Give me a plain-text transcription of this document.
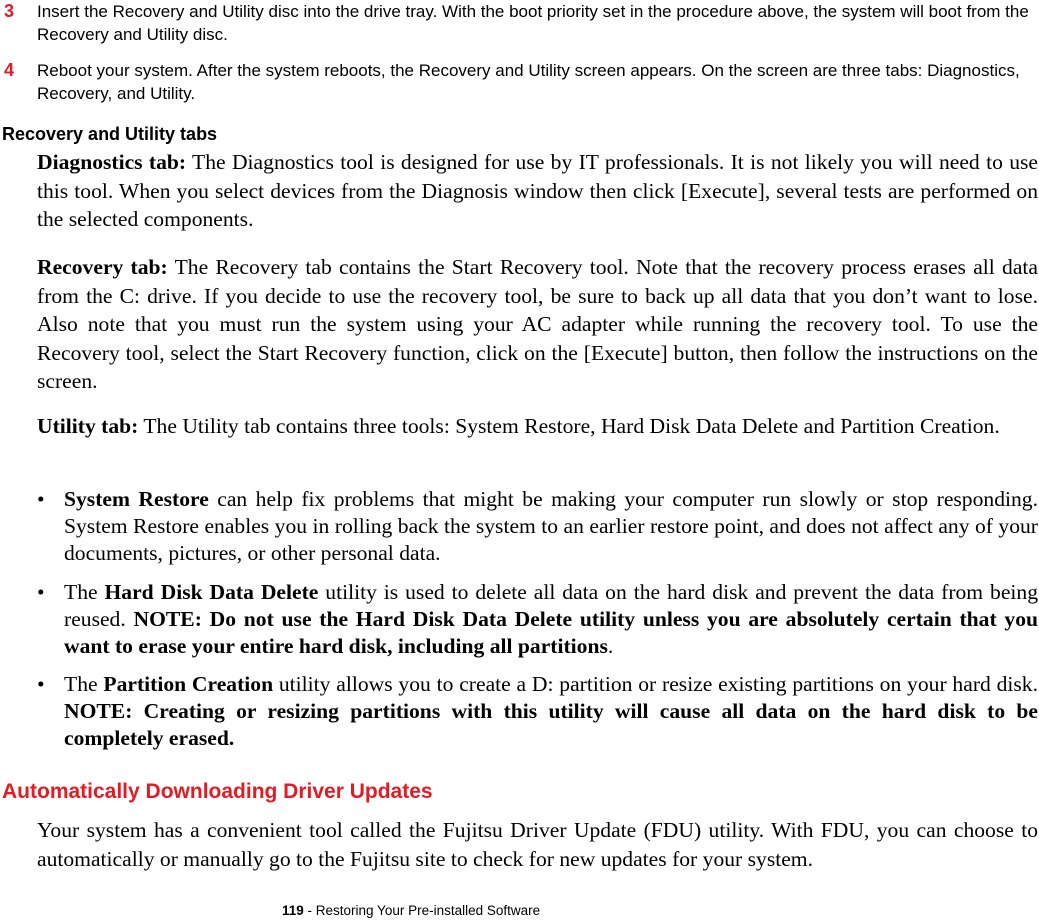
3 Insert the Recovery and Utility disc into the drive tray. With the boot priority set in the procedure above, the system will boot from the Recovery and Utility disc.
4 Reboot your system. After the system reboots, the Recovery and Utility screen appears. On the screen are three tabs: Diagnostics, Recovery, and Utility.
Recovery and Utility tabs
Diagnostics tab: The Diagnostics tool is designed for use by IT professionals. It is not likely you will need to use this tool. When you select devices from the Diagnosis window then click [Execute], several tests are performed on the selected components.
Recovery tab: The Recovery tab contains the Start Recovery tool. Note that the recovery process erases all data from the C: drive. If you decide to use the recovery tool, be sure to back up all data that you don’t want to lose. Also note that you must run the system using your AC adapter while running the recovery tool. To use the Recovery tool, select the Start Recovery function, click on the [Execute] button, then follow the instructions on the screen.
Utility tab: The Utility tab contains three tools: System Restore, Hard Disk Data Delete and Partition Creation.
• System Restore can help fix problems that might be making your computer run slowly or stop responding. System Restore enables you in rolling back the system to an earlier restore point, and does not affect any of your documents, pictures, or other personal data.
• The Hard Disk Data Delete utility is used to delete all data on the hard disk and prevent the data from being reused. NOTE: Do not use the Hard Disk Data Delete utility unless you are absolutely certain that you want to erase your entire hard disk, including all partitions.
• The Partition Creation utility allows you to create a D: partition or resize existing partitions on your hard disk. NOTE: Creating or resizing partitions with this utility will cause all data on the hard disk to be completely erased.
Automatically Downloading Driver Updates
Your system has a convenient tool called the Fujitsu Driver Update (FDU) utility. With FDU, you can choose to automatically or manually go to the Fujitsu site to check for new updates for your system.
119 - Restoring Your Pre-installed Software
